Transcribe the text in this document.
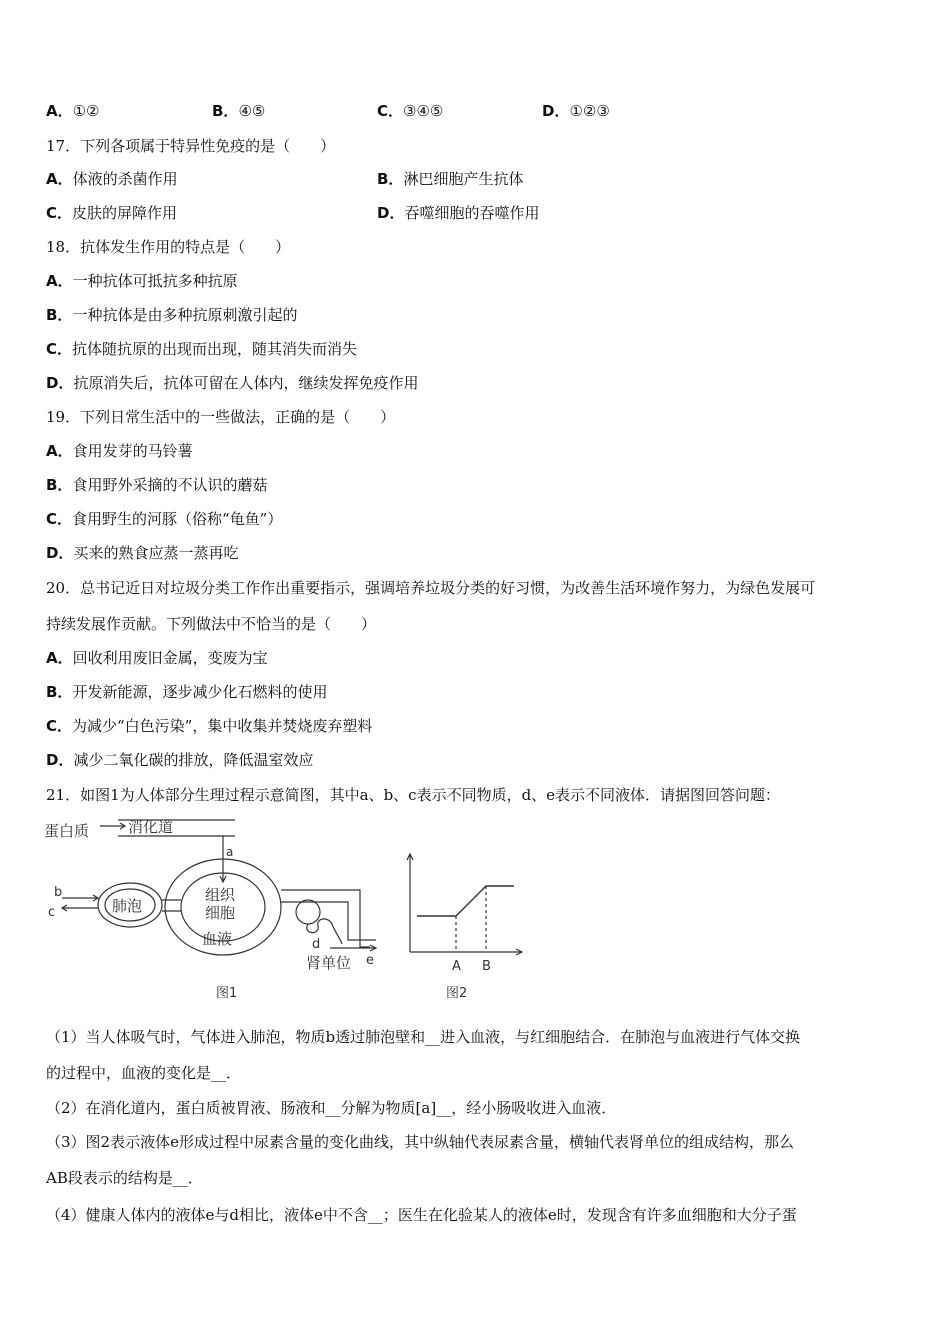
A．①②	B．④⑤	C．③④⑤	D．①②③
17．下列各项属于特异性免疫的是（　　）
A．体液的杀菌作用	B．淋巴细胞产生抗体
C．皮肤的屏障作用	D．吞噬细胞的吞噬作用
18．抗体发生作用的特点是（　　）
A．一种抗体可抵抗多种抗原
B．一种抗体是由多种抗原刺激引起的
C．抗体随抗原的出现而出现，随其消失而消失
D．抗原消失后，抗体可留在人体内，继续发挥免疫作用
19．下列日常生活中的一些做法，正确的是（　　）
A．食用发芽的马铃薯
B．食用野外采摘的不认识的蘑菇
C．食用野生的河豚（俗称“龟鱼”）
D．买来的熟食应蒸一蒸再吃
20．总书记近日对垃圾分类工作作出重要指示，强调培养垃圾分类的好习惯，为改善生活环境作努力，为绿色发展可
持续发展作贡献。下列做法中不恰当的是（　　）
A．回收利用废旧金属，变废为宝
B．开发新能源，逐步减少化石燃料的使用
C．为减少“白色污染”，集中收集并焚烧废弃塑料
D．减少二氧化碳的排放，降低温室效应
21．如图1为人体部分生理过程示意简图，其中a、b、c表示不同物质，d、e表示不同液体．请据图回答问题：
蛋白质	消化道
a
b
c	肺泡
组织
细胞
血液	d
肾单位 e
图1	图2
A B
（1）当人体吸气时，气体进入肺泡，物质b透过肺泡壁和__进入血液，与红细胞结合．在肺泡与血液进行气体交换
的过程中，血液的变化是__．
（2）在消化道内，蛋白质被胃液、肠液和__分解为物质[a]__，经小肠吸收进入血液．
（3）图2表示液体e形成过程中尿素含量的变化曲线，其中纵轴代表尿素含量，横轴代表肾单位的组成结构，那么
AB段表示的结构是__．
（4）健康人体内的液体e与d相比，液体e中不含__；医生在化验某人的液体e时，发现含有许多血细胞和大分子蛋
